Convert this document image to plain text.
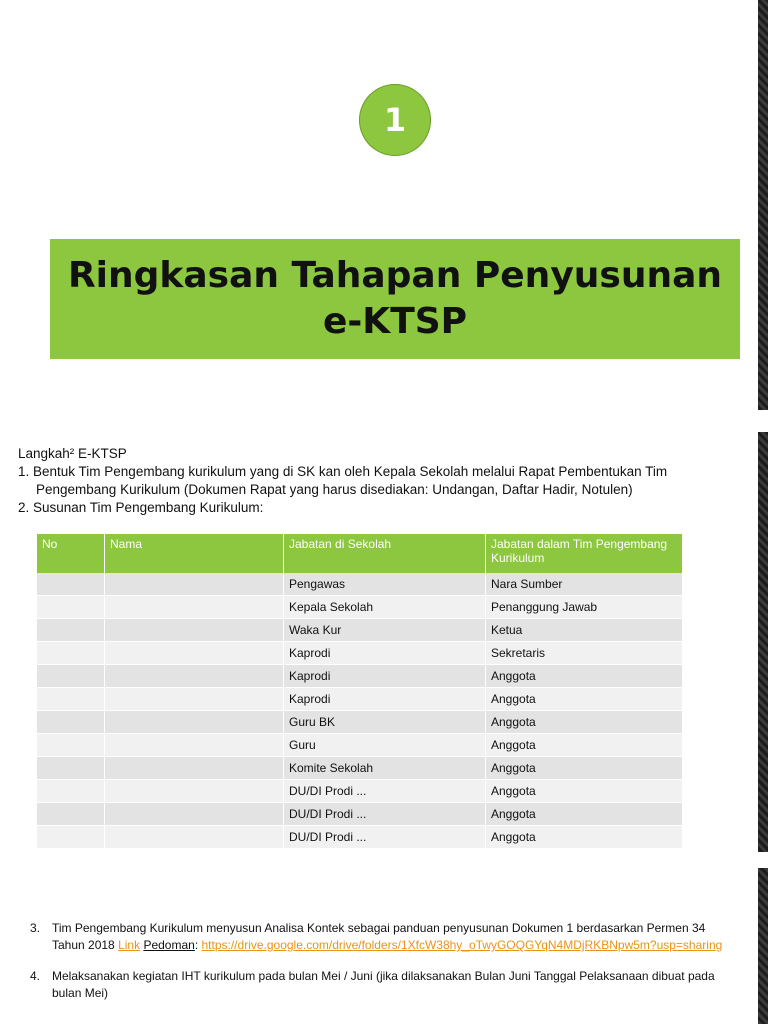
1
Ringkasan Tahapan Penyusunan
e-KTSP

Langkah² E-KTSP

1. Bentuk Tim Pengembang kurikulum yang di SK kan oleh Kepala Sekolah melalui Rapat Pembentukan Tim

Pengembang Kurikulum (Dokumen Rapat yang harus disediakan: Undangan, Daftar Hadir, Notulen)

2. Susunan Tim Pengembang Kurikulum:

No	Nama	Jabatan di Sekolah	Jabatan dalam Tim Pengembang Kurikulum
		Pengawas	Nara Sumber
		Kepala Sekolah	Penanggung Jawab
		Waka Kur	Ketua
		Kaprodi	Sekretaris
		Kaprodi	Anggota
		Kaprodi	Anggota
		Guru BK	Anggota
		Guru	Anggota
		Komite Sekolah	Anggota
		DU/DI Prodi ...	Anggota
		DU/DI Prodi ...	Anggota
		DU/DI Prodi ...	Anggota
3. Tim Pengembang Kurikulum menyusun Analisa Kontek sebagai panduan penyusunan Dokumen 1 berdasarkan Permen 34 Tahun 2018 Link Pedoman: https://drive.google.com/drive/folders/1XfcW38hy_oTwyGOQGYqN4MDjRKBNpw5m?usp=sharing
4. Melaksanakan kegiatan IHT kurikulum pada bulan Mei / Juni (jika dilaksanakan Bulan Juni Tanggal Pelaksanaan dibuat pada bulan Mei)
